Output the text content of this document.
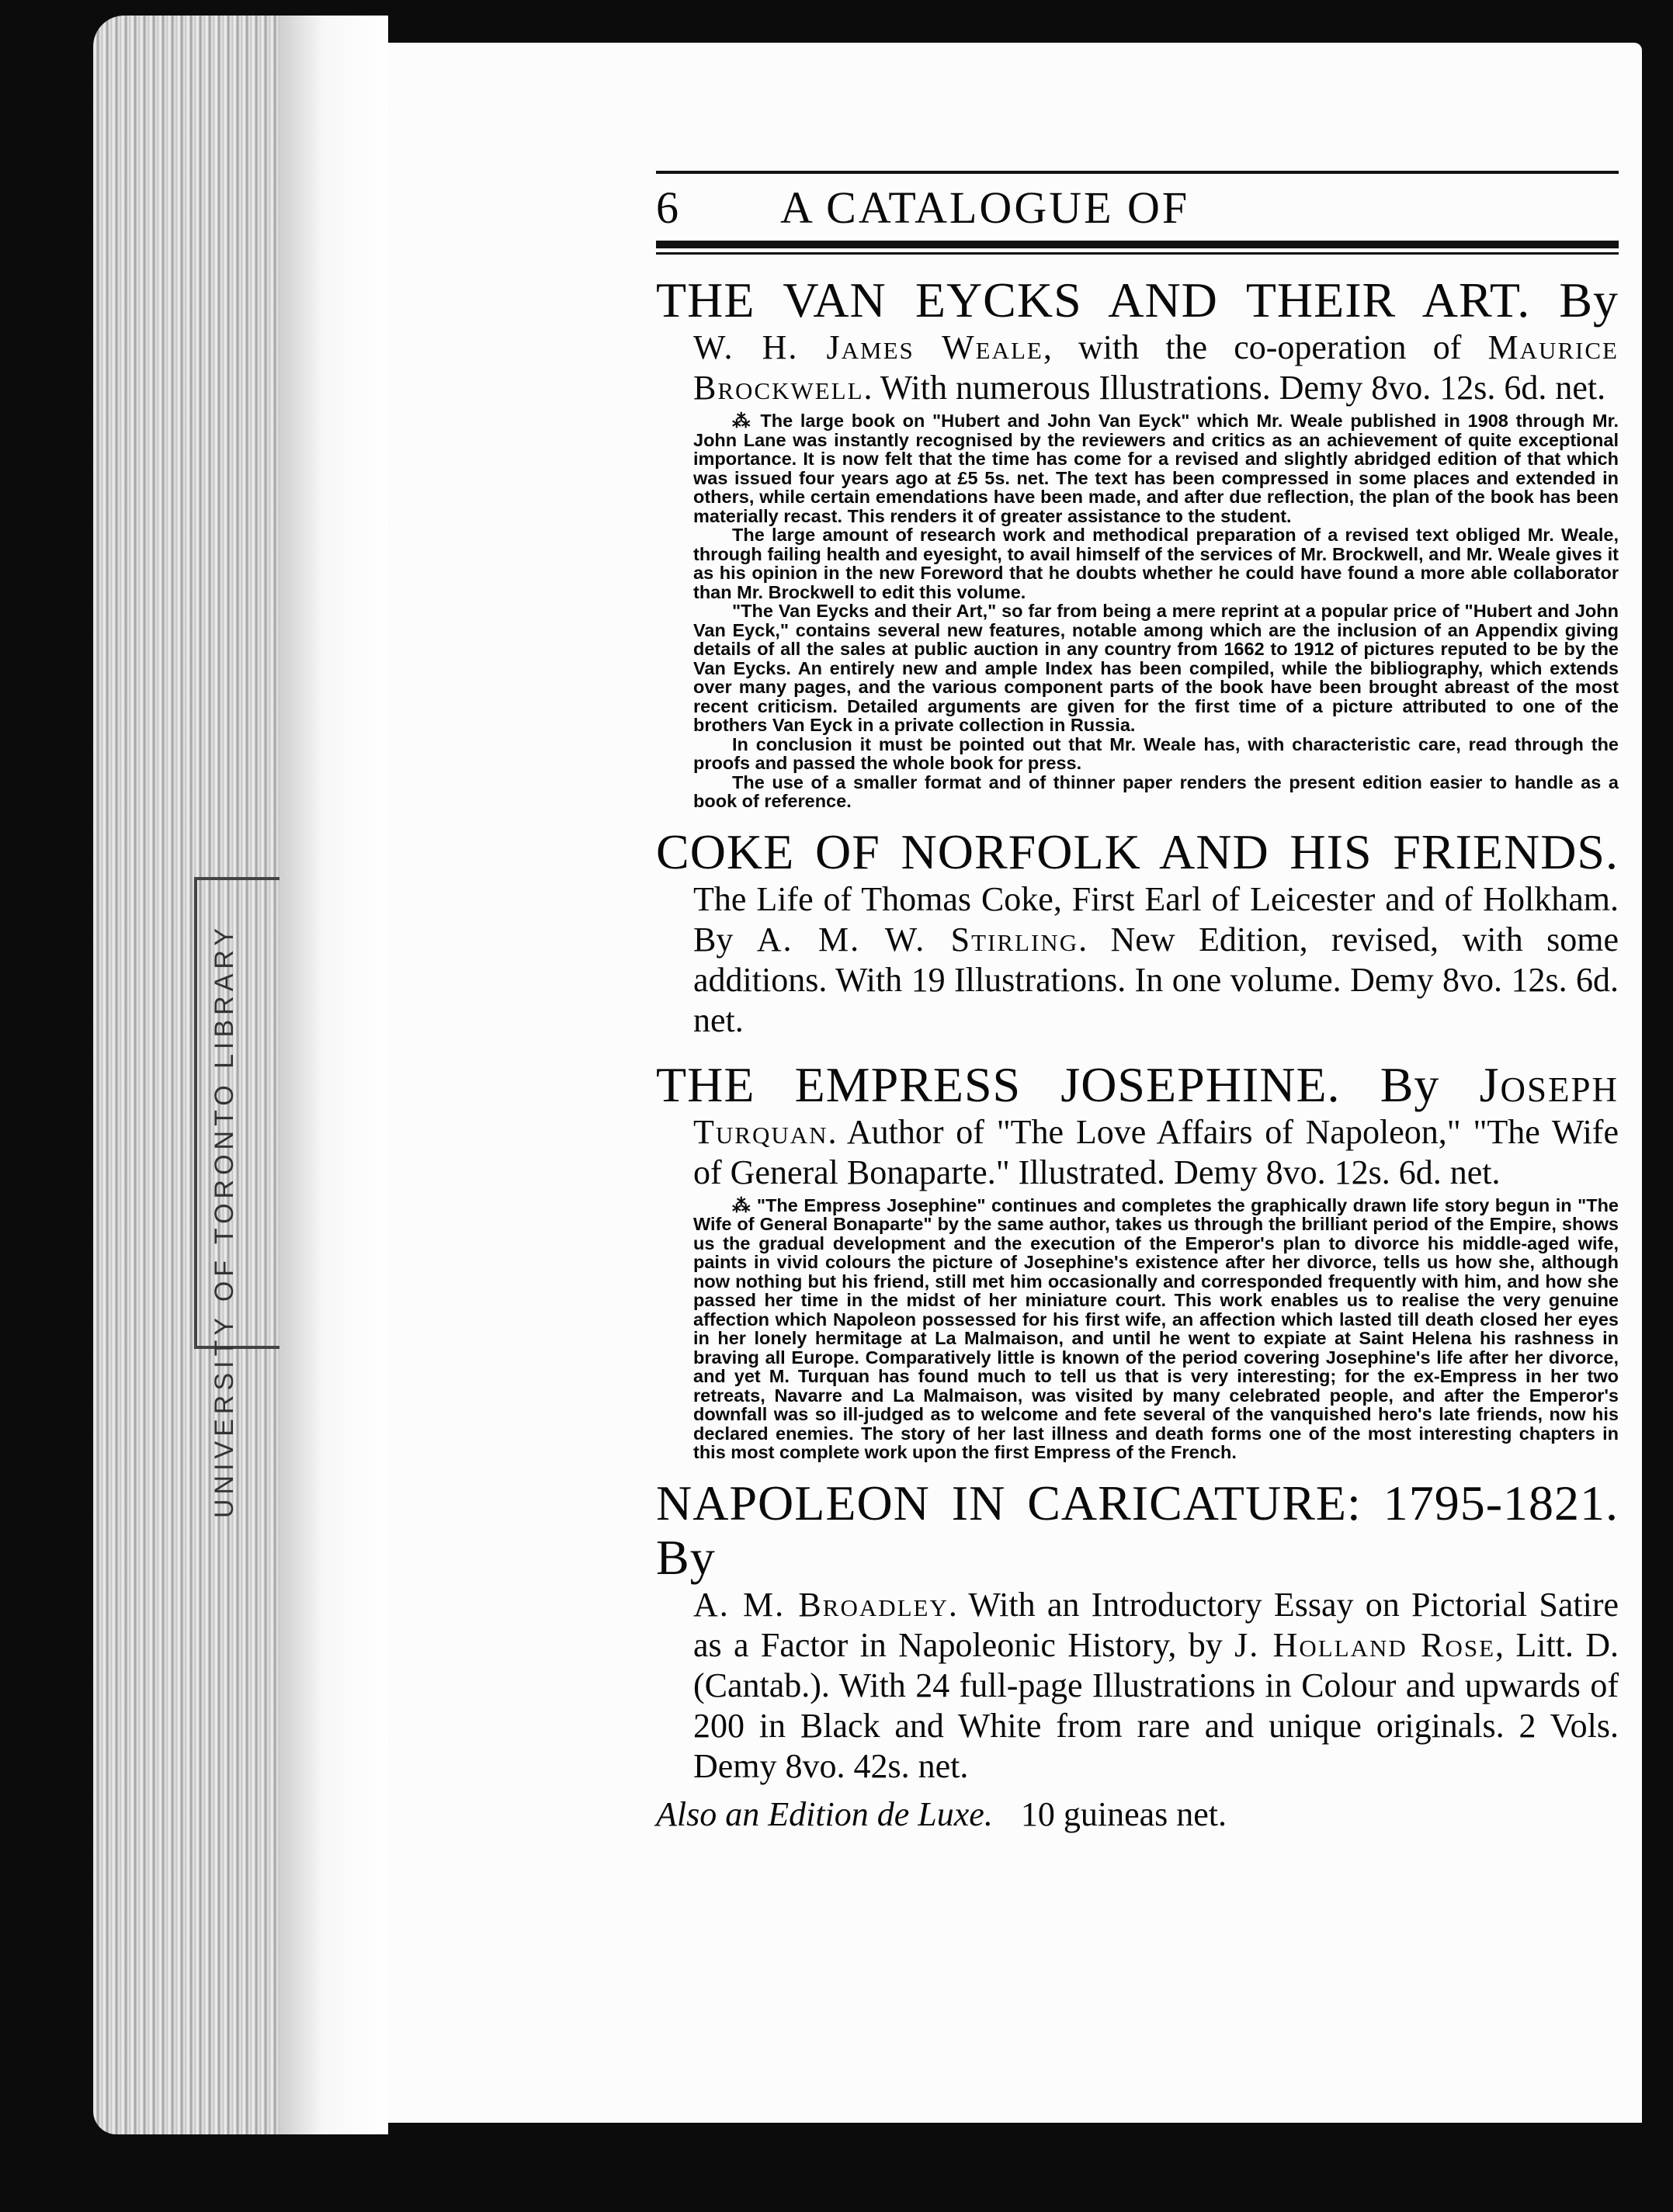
UNIVERSITY OF TORONTO LIBRARY
6	A CATALOGUE OF
THE VAN EYCKS AND THEIR ART. By
W. H. James Weale, with the co-operation of Maurice Brockwell. With numerous Illustrations. Demy 8vo. 12s. 6d. net.

⁂ The large book on "Hubert and John Van Eyck" which Mr. Weale published in 1908 through Mr. John Lane was instantly recognised by the reviewers and critics as an achievement of quite exceptional importance. It is now felt that the time has come for a revised and slightly abridged edition of that which was issued four years ago at £5 5s. net. The text has been compressed in some places and extended in others, while certain emendations have been made, and after due reflection, the plan of the book has been materially recast. This renders it of greater assistance to the student.

The large amount of research work and methodical preparation of a revised text obliged Mr. Weale, through failing health and eyesight, to avail himself of the services of Mr. Brockwell, and Mr. Weale gives it as his opinion in the new Foreword that he doubts whether he could have found a more able collaborator than Mr. Brockwell to edit this volume.

"The Van Eycks and their Art," so far from being a mere reprint at a popular price of "Hubert and John Van Eyck," contains several new features, notable among which are the inclusion of an Appendix giving details of all the sales at public auction in any country from 1662 to 1912 of pictures reputed to be by the Van Eycks. An entirely new and ample Index has been compiled, while the bibliography, which extends over many pages, and the various component parts of the book have been brought abreast of the most recent criticism. Detailed arguments are given for the first time of a picture attributed to one of the brothers Van Eyck in a private collection in Russia.

In conclusion it must be pointed out that Mr. Weale has, with characteristic care, read through the proofs and passed the whole book for press.

The use of a smaller format and of thinner paper renders the present edition easier to handle as a book of reference.

COKE OF NORFOLK AND HIS FRIENDS.
The Life of Thomas Coke, First Earl of Leicester and of Holkham. By A. M. W. Stirling. New Edition, revised, with some additions. With 19 Illustrations. In one volume. Demy 8vo. 12s. 6d. net.
THE EMPRESS JOSEPHINE. By Joseph
Turquan. Author of "The Love Affairs of Napoleon," "The Wife of General Bonaparte." Illustrated. Demy 8vo. 12s. 6d. net.

⁂ "The Empress Josephine" continues and completes the graphically drawn life story begun in "The Wife of General Bonaparte" by the same author, takes us through the brilliant period of the Empire, shows us the gradual development and the execution of the Emperor's plan to divorce his middle-aged wife, paints in vivid colours the picture of Josephine's existence after her divorce, tells us how she, although now nothing but his friend, still met him occasionally and corresponded frequently with him, and how she passed her time in the midst of her miniature court. This work enables us to realise the very genuine affection which Napoleon possessed for his first wife, an affection which lasted till death closed her eyes in her lonely hermitage at La Malmaison, and until he went to expiate at Saint Helena his rashness in braving all Europe. Comparatively little is known of the period covering Josephine's life after her divorce, and yet M. Turquan has found much to tell us that is very interesting; for the ex-Empress in her two retreats, Navarre and La Malmaison, was visited by many celebrated people, and after the Emperor's downfall was so ill-judged as to welcome and fete several of the vanquished hero's late friends, now his declared enemies. The story of her last illness and death forms one of the most interesting chapters in this most complete work upon the first Empress of the French.

NAPOLEON IN CARICATURE: 1795-1821. By
A. M. Broadley. With an Introductory Essay on Pictorial Satire as a Factor in Napoleonic History, by J. Holland Rose, Litt. D. (Cantab.). With 24 full-page Illustrations in Colour and upwards of 200 in Black and White from rare and unique originals. 2 Vols. Demy 8vo. 42s. net.
Also an Edition de Luxe. 10 guineas net.
